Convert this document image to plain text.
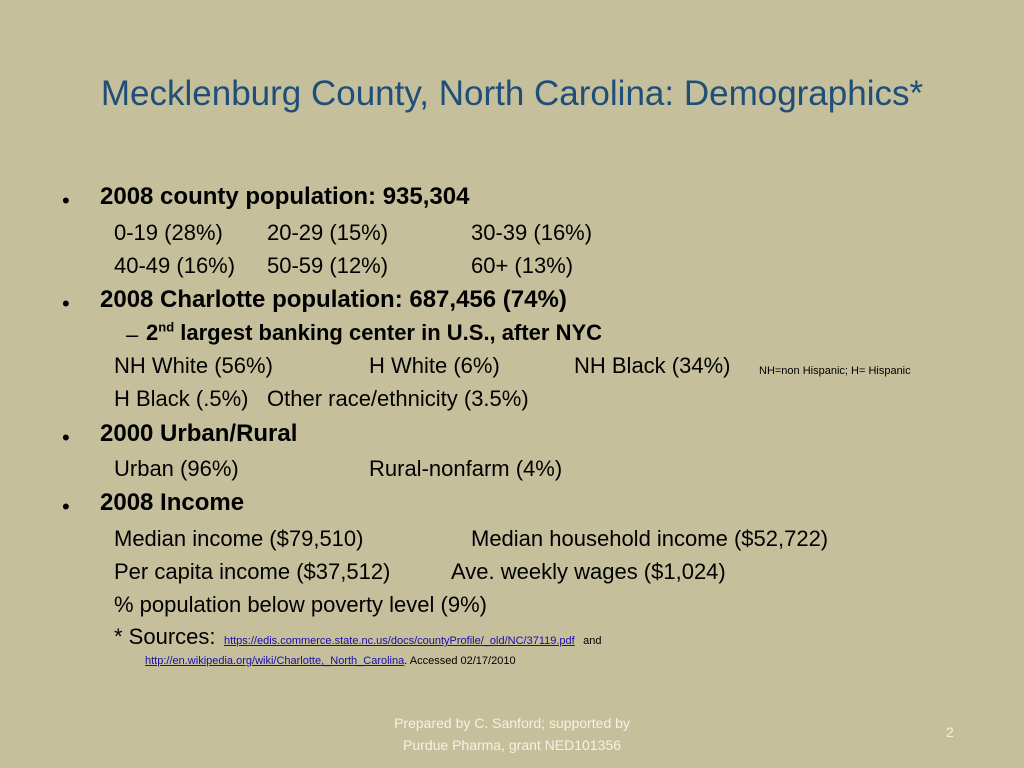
Mecklenburg County, North Carolina: Demographics*
• 2008 county population: 935,304
0-19 (28%) 20-29 (15%)	30-39 (16%)
40-49 (16%) 50-59 (12%)	60+ (13%)
• 2008 Charlotte population: 687,456 (74%)
– 2nd largest banking center in U.S., after NYC
NH White (56%)	H White (6%)	NH Black (34%)	NH=non Hispanic; H= Hispanic
H Black (.5%) Other race/ethnicity (3.5%)
• 2000 Urban/Rural
Urban (96%)	Rural-nonfarm (4%)
• 2008 Income
Median income ($79,510)	Median household income ($52,722)
Per capita income ($37,512)	Ave. weekly wages ($1,024)
% population below poverty level (9%)
* Sources: https://edis.commerce.state.nc.us/docs/countyProfile/_old/NC/37119.pdf and
http://en.wikipedia.org/wiki/Charlotte,_North_Carolina. Accessed 02/17/2010
Prepared by C. Sanford; supported by
Purdue Pharma, grant NED101356
2
